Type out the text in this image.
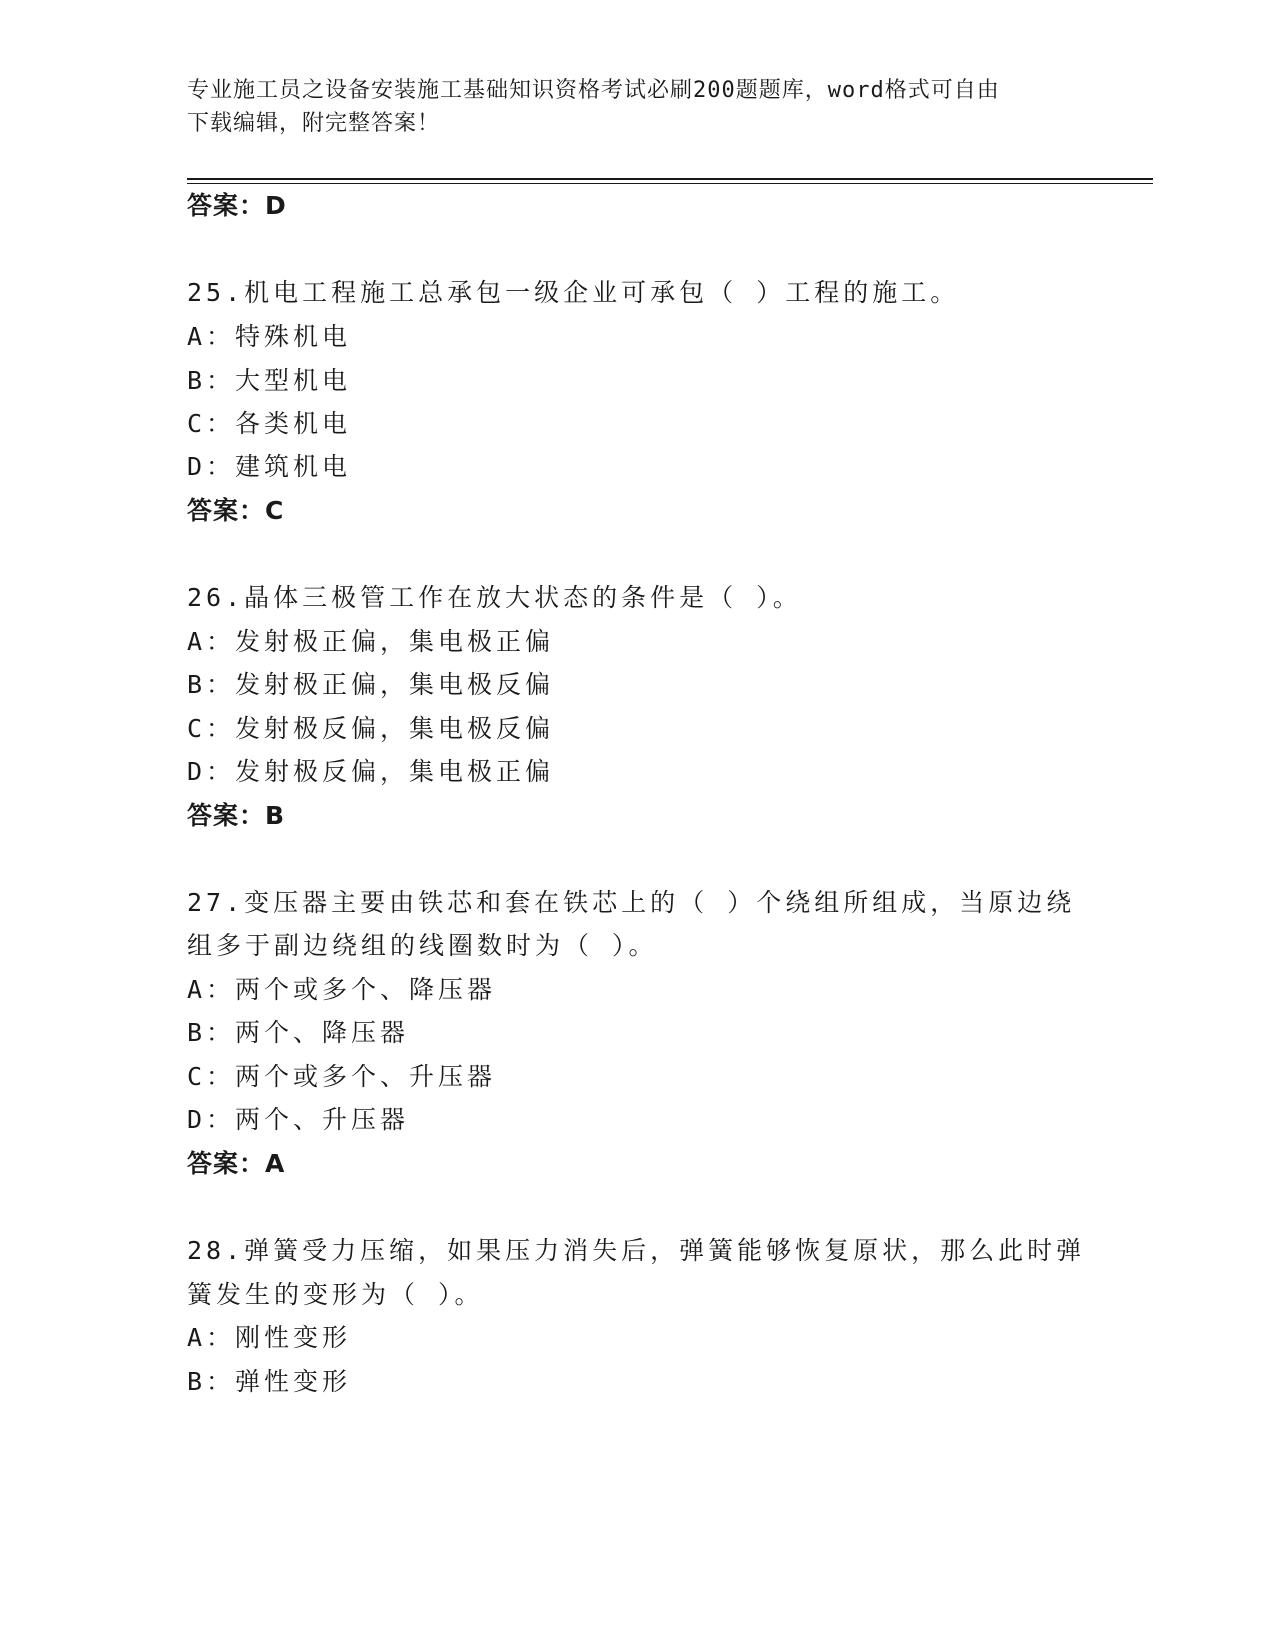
专业施工员之设备安装施工基础知识资格考试必刷200题题库，word格式可自由
下载编辑，附完整答案！
答案：D
25.机电工程施工总承包一级企业可承包（ ）工程的施工。
A：特殊机电
B：大型机电
C：各类机电
D：建筑机电
答案：C
26.晶体三极管工作在放大状态的条件是（ ）。
A：发射极正偏，集电极正偏
B：发射极正偏，集电极反偏
C：发射极反偏，集电极反偏
D：发射极反偏，集电极正偏
答案：B
27.变压器主要由铁芯和套在铁芯上的（ ）个绕组所组成，当原边绕
组多于副边绕组的线圈数时为（ ）。
A：两个或多个、降压器
B：两个、降压器
C：两个或多个、升压器
D：两个、升压器
答案：A
28.弹簧受力压缩，如果压力消失后，弹簧能够恢复原状，那么此时弹
簧发生的变形为（ ）。
A：刚性变形
B：弹性变形
